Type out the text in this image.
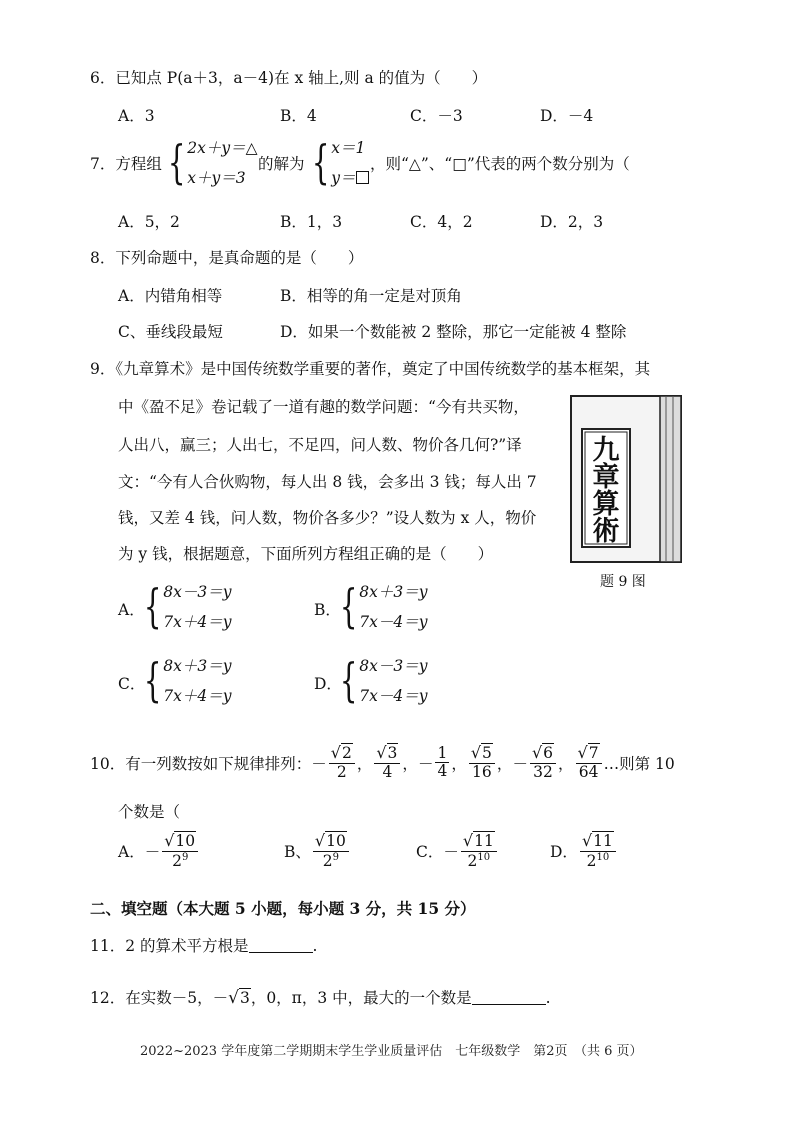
6．已知点 P(a＋3，a－4)在 x 轴上,则 a 的值为（　　）
A．3	B．4	C．－3	D．－4
7．方程组 { 2x＋y＝△
x＋y＝3
的解为 { x＝1
y＝
，则“△”、“□”代表的两个数分别为（
A．5，2	B．1，3	C．4，2	D．2，3
8．下列命题中，是真命题的是（　　）
A．内错角相等	B．相等的角一定是对顶角
C、垂线段最短	D．如果一个数能被 2 整除，那它一定能被 4 整除
9．《九章算术》是中国传统数学重要的著作，奠定了中国传统数学的基本框架，其
中《盈不足》卷记载了一道有趣的数学问题：“今有共买物，
人出八，赢三；人出七，不足四，问人数、物价各几何?”译
文：“今有人合伙购物，每人出 8 钱，会多出 3 钱；每人出 7
钱，又差 4 钱，问人数，物价各多少？”设人数为 x 人，物价
为 y 钱，根据题意，下面所列方程组正确的是（　　）
九章算術
题 9 图
A． { 8x－3＝y
7x＋4＝y
B．
{ 8x＋3＝y
7x－4＝y
C．
{ 8x＋3＝y
7x＋4＝y
D．
{ 8x－3＝y
7x－4＝y
10．有一列数按如下规律排列： － $\frac{√2}{2}$ ， $\frac{√3}{4}$ ， － $\frac{1}{4}$ ， $\frac{√5}{16}$ ， － $\frac{√6}{32}$ ， $\frac{√7}{64}$ …则第 10
个数是（
A． － $\frac{√10}{2^9}$	B、 $\frac{√10}{2^9}$	C． － $\frac{√11}{2^{10}}$	D． $\frac{√11}{2^{10}}$
二、填空题（本大题 5 小题，每小题 3 分，共 15 分）
11．2 的算术平方根是	.
12．在实数－5，－√3，0，π，3 中，最大的一个数是	.
2022~2023 学年度第二学期期末学生学业质量评估　七年级数学　第2页　（共 6 页）
